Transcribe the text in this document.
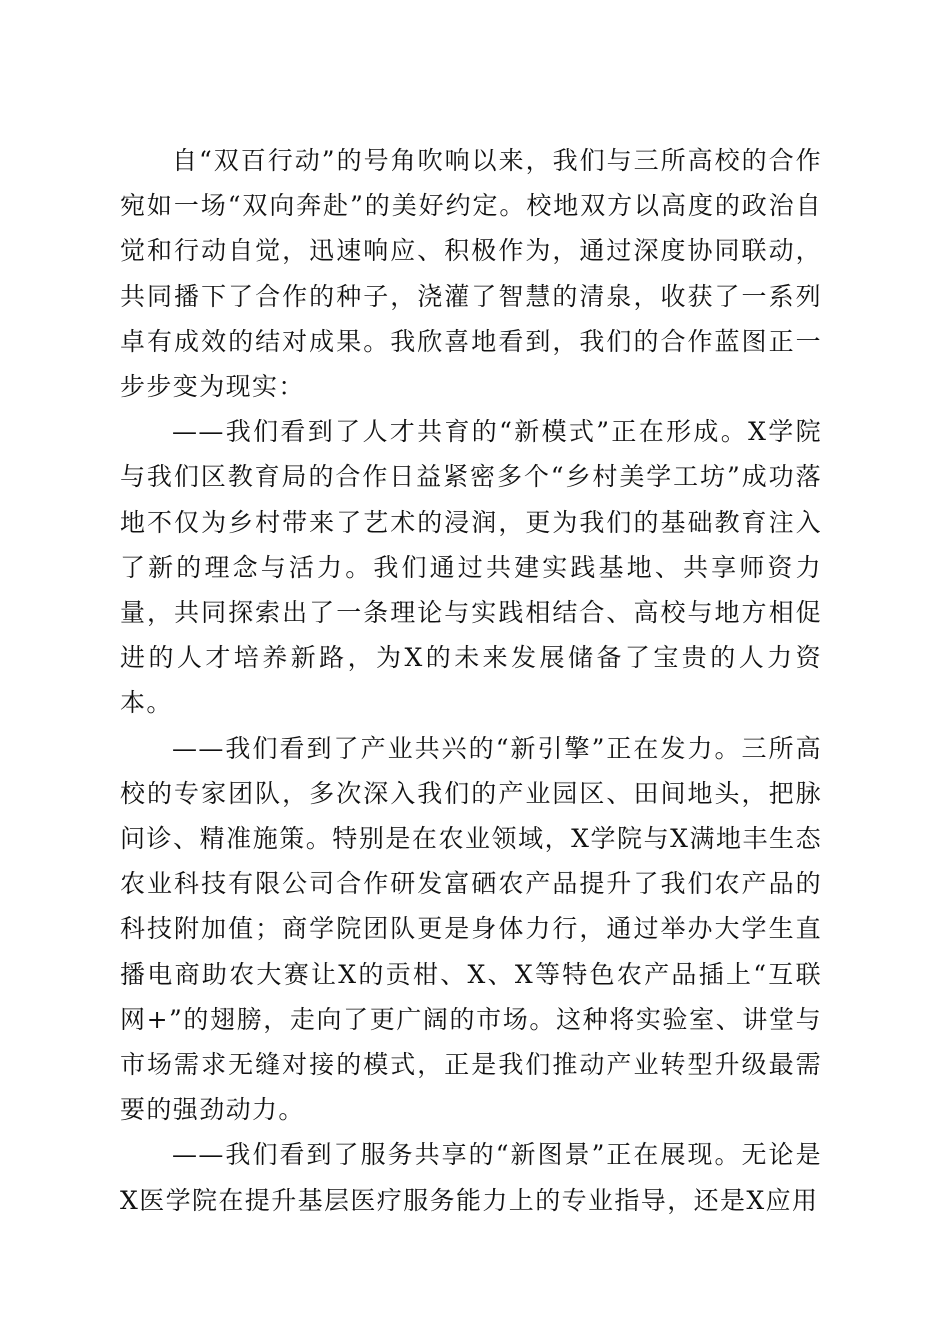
自“双百行动”的号角吹响以来，我们与三所高校的合作宛如一场“双向奔赴”的美好约定。校地双方以高度的政治自觉和行动自觉，迅速响应、积极作为，通过深度协同联动，共同播下了合作的种子，浇灌了智慧的清泉，收获了一系列卓有成效的结对成果。我欣喜地看到，我们的合作蓝图正一步步变为现实：

——我们看到了人才共育的“新模式”正在形成。X学院与我们区教育局的合作日益紧密多个“乡村美学工坊”成功落地不仅为乡村带来了艺术的浸润，更为我们的基础教育注入了新的理念与活力。我们通过共建实践基地、共享师资力量，共同探索出了一条理论与实践相结合、高校与地方相促进的人才培养新路，为X的未来发展储备了宝贵的人力资本。

——我们看到了产业共兴的“新引擎”正在发力。三所高校的专家团队，多次深入我们的产业园区、田间地头，把脉问诊、精准施策。特别是在农业领域，X学院与X满地丰生态农业科技有限公司合作研发富硒农产品提升了我们农产品的科技附加值；商学院团队更是身体力行，通过举办大学生直播电商助农大赛让X的贡柑、X、X等特色农产品插上“互联网+”的翅膀，走向了更广阔的市场。这种将实验室、讲堂与市场需求无缝对接的模式，正是我们推动产业转型升级最需要的强劲动力。

——我们看到了服务共享的“新图景”正在展现。无论是X医学院在提升基层医疗服务能力上的专业指导，还是X应用
